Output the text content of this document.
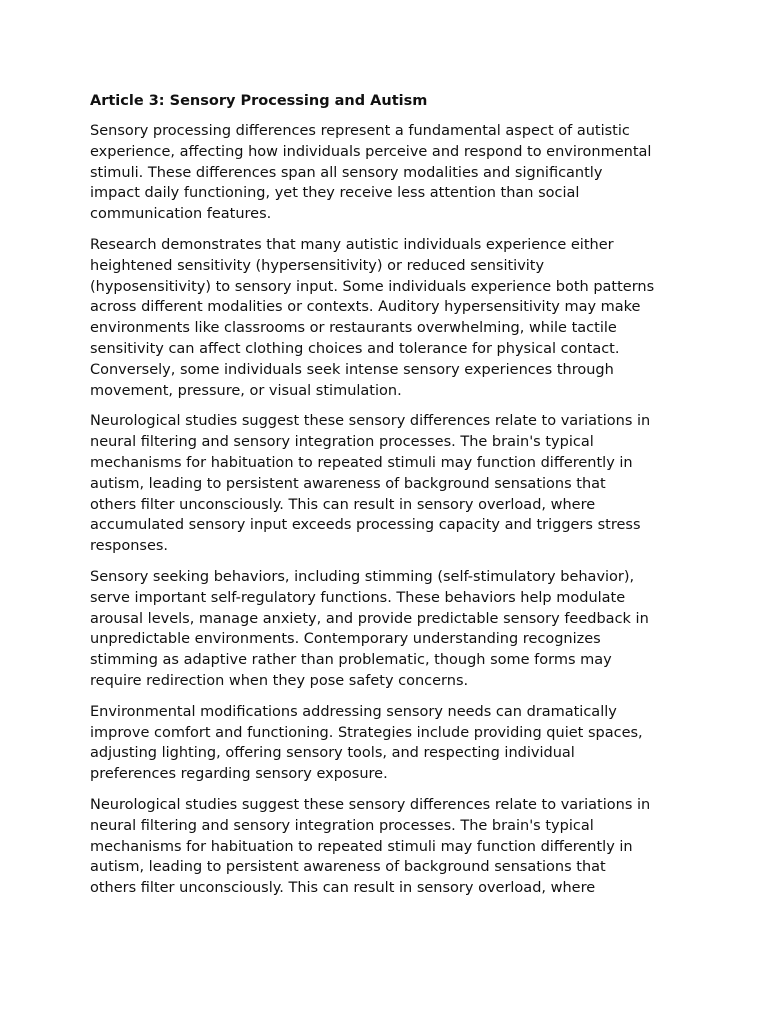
Article 3: Sensory Processing and Autism
Sensory processing differences represent a fundamental aspect of autistic
experience, affecting how individuals perceive and respond to environmental
stimuli. These differences span all sensory modalities and significantly
impact daily functioning, yet they receive less attention than social
communication features.
Research demonstrates that many autistic individuals experience either
heightened sensitivity (hypersensitivity) or reduced sensitivity
(hyposensitivity) to sensory input. Some individuals experience both patterns
across different modalities or contexts. Auditory hypersensitivity may make
environments like classrooms or restaurants overwhelming, while tactile
sensitivity can affect clothing choices and tolerance for physical contact.
Conversely, some individuals seek intense sensory experiences through
movement, pressure, or visual stimulation.
Neurological studies suggest these sensory differences relate to variations in
neural filtering and sensory integration processes. The brain's typical
mechanisms for habituation to repeated stimuli may function differently in
autism, leading to persistent awareness of background sensations that
others filter unconsciously. This can result in sensory overload, where
accumulated sensory input exceeds processing capacity and triggers stress
responses.
Sensory seeking behaviors, including stimming (self-stimulatory behavior),
serve important self-regulatory functions. These behaviors help modulate
arousal levels, manage anxiety, and provide predictable sensory feedback in
unpredictable environments. Contemporary understanding recognizes
stimming as adaptive rather than problematic, though some forms may
require redirection when they pose safety concerns.
Environmental modifications addressing sensory needs can dramatically
improve comfort and functioning. Strategies include providing quiet spaces,
adjusting lighting, offering sensory tools, and respecting individual
preferences regarding sensory exposure.
Neurological studies suggest these sensory differences relate to variations in
neural filtering and sensory integration processes. The brain's typical
mechanisms for habituation to repeated stimuli may function differently in
autism, leading to persistent awareness of background sensations that
others filter unconsciously. This can result in sensory overload, where
